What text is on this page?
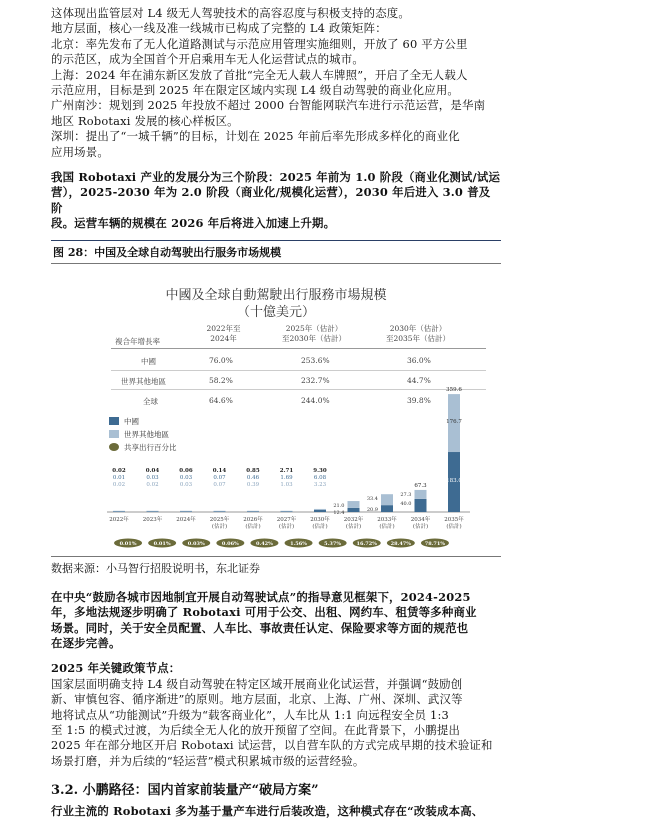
这体现出监管层对 L4 级无人驾驶技术的高容忍度与积极支持的态度。

地方层面，核心一线及准一线城市已构成了完整的 L4 政策矩阵：

北京：率先发布了无人化道路测试与示范应用管理实施细则，开放了 60 平方公里

的示范区，成为全国首个开启乘用车无人化运营试点的城市。

上海：2024 年在浦东新区发放了首批“完全无人载人车牌照”，开启了全无人载人

示范应用，目标是到 2025 年在限定区域内实现 L4 级自动驾驶的商业化应用。

广州南沙：规划到 2025 年投放不超过 2000 台智能网联汽车进行示范运营，是华南

地区 Robotaxi 发展的核心样板区。

深圳：提出了“一城千辆”的目标，计划在 2025 年前后率先形成多样化的商业化

应用场景。

我国 Robotaxi 产业的发展分为三个阶段：2025 年前为 1.0 阶段（商业化测试/试运

营），2025-2030 年为 2.0 阶段（商业化/规模化运营），2030 年后进入 3.0 普及阶

段。运营车辆的规模在 2026 年后将进入加速上升期。

图 28：中国及全球自动驾驶出行服务市场规模
中國及全球自動駕駛出行服務市場規模
（十億美元）
複合年增長率
2022年至
2024年
2025年（估計）
至2030年（估計）
2030年（估計）
至2035年（估計）
中國	76.0%	253.6%	36.0%
世界其他地區	58.2%	232.7%	44.7%
全球	64.6%	244.0%	39.8%
中國
世界其他地區
共享出行百分比
0.02
0.01
0.02
2022年
0.04
0.03
0.02
2023年
0.06
0.03
0.03
2024年
0.14
0.07
0.07
2025年
(估計)
0.85
0.46
0.39
2026年
(估計)
2.71
1.69
1.03
2027年
(估計)
9.30
6.08
3.23
2030年
(估計)
21.0
12.4
2032年
(估計)
33.4
20.9
2033年
(估計)
67.3
27.3
40.0
2034年
(估計)
359.6
183.0
176.7
2035年
(估計)
0.01%	0.01%	0.03%	0.06%	0.42%	1.56%	5.37%	16.72%	28.47%	78.71%
数据来源：小马智行招股说明书，东北证券

在中央“鼓励各城市因地制宜开展自动驾驶试点”的指导意见框架下，2024-2025

年，多地法规逐步明确了 Robotaxi 可用于公交、出租、网约车、租赁等多种商业

场景。同时，关于安全员配置、人车比、事故责任认定、保险要求等方面的规范也

在逐步完善。

2025 年关键政策节点：

国家层面明确支持 L4 级自动驾驶在特定区域开展商业化试运营，并强调“鼓励创

新、审慎包容、循序渐进”的原则。地方层面，北京、上海、广州、深圳、武汉等

地将试点从“功能测试”升级为“载客商业化”，人车比从 1:1 向远程安全员 1:3

至 1:5 的模式过渡，为后续全无人化的放开预留了空间。在此背景下，小鹏提出

2025 年在部分地区开启 Robotaxi 试运营，以自营车队的方式完成早期的技术验证和

场景打磨，并为后续的“轻运营”模式积累城市级的运营经验。

3.2. 小鹏路径：国内首家前装量产“破局方案”

行业主流的 Robotaxi 多为基于量产车进行后装改造，这种模式存在“改装成本高、
